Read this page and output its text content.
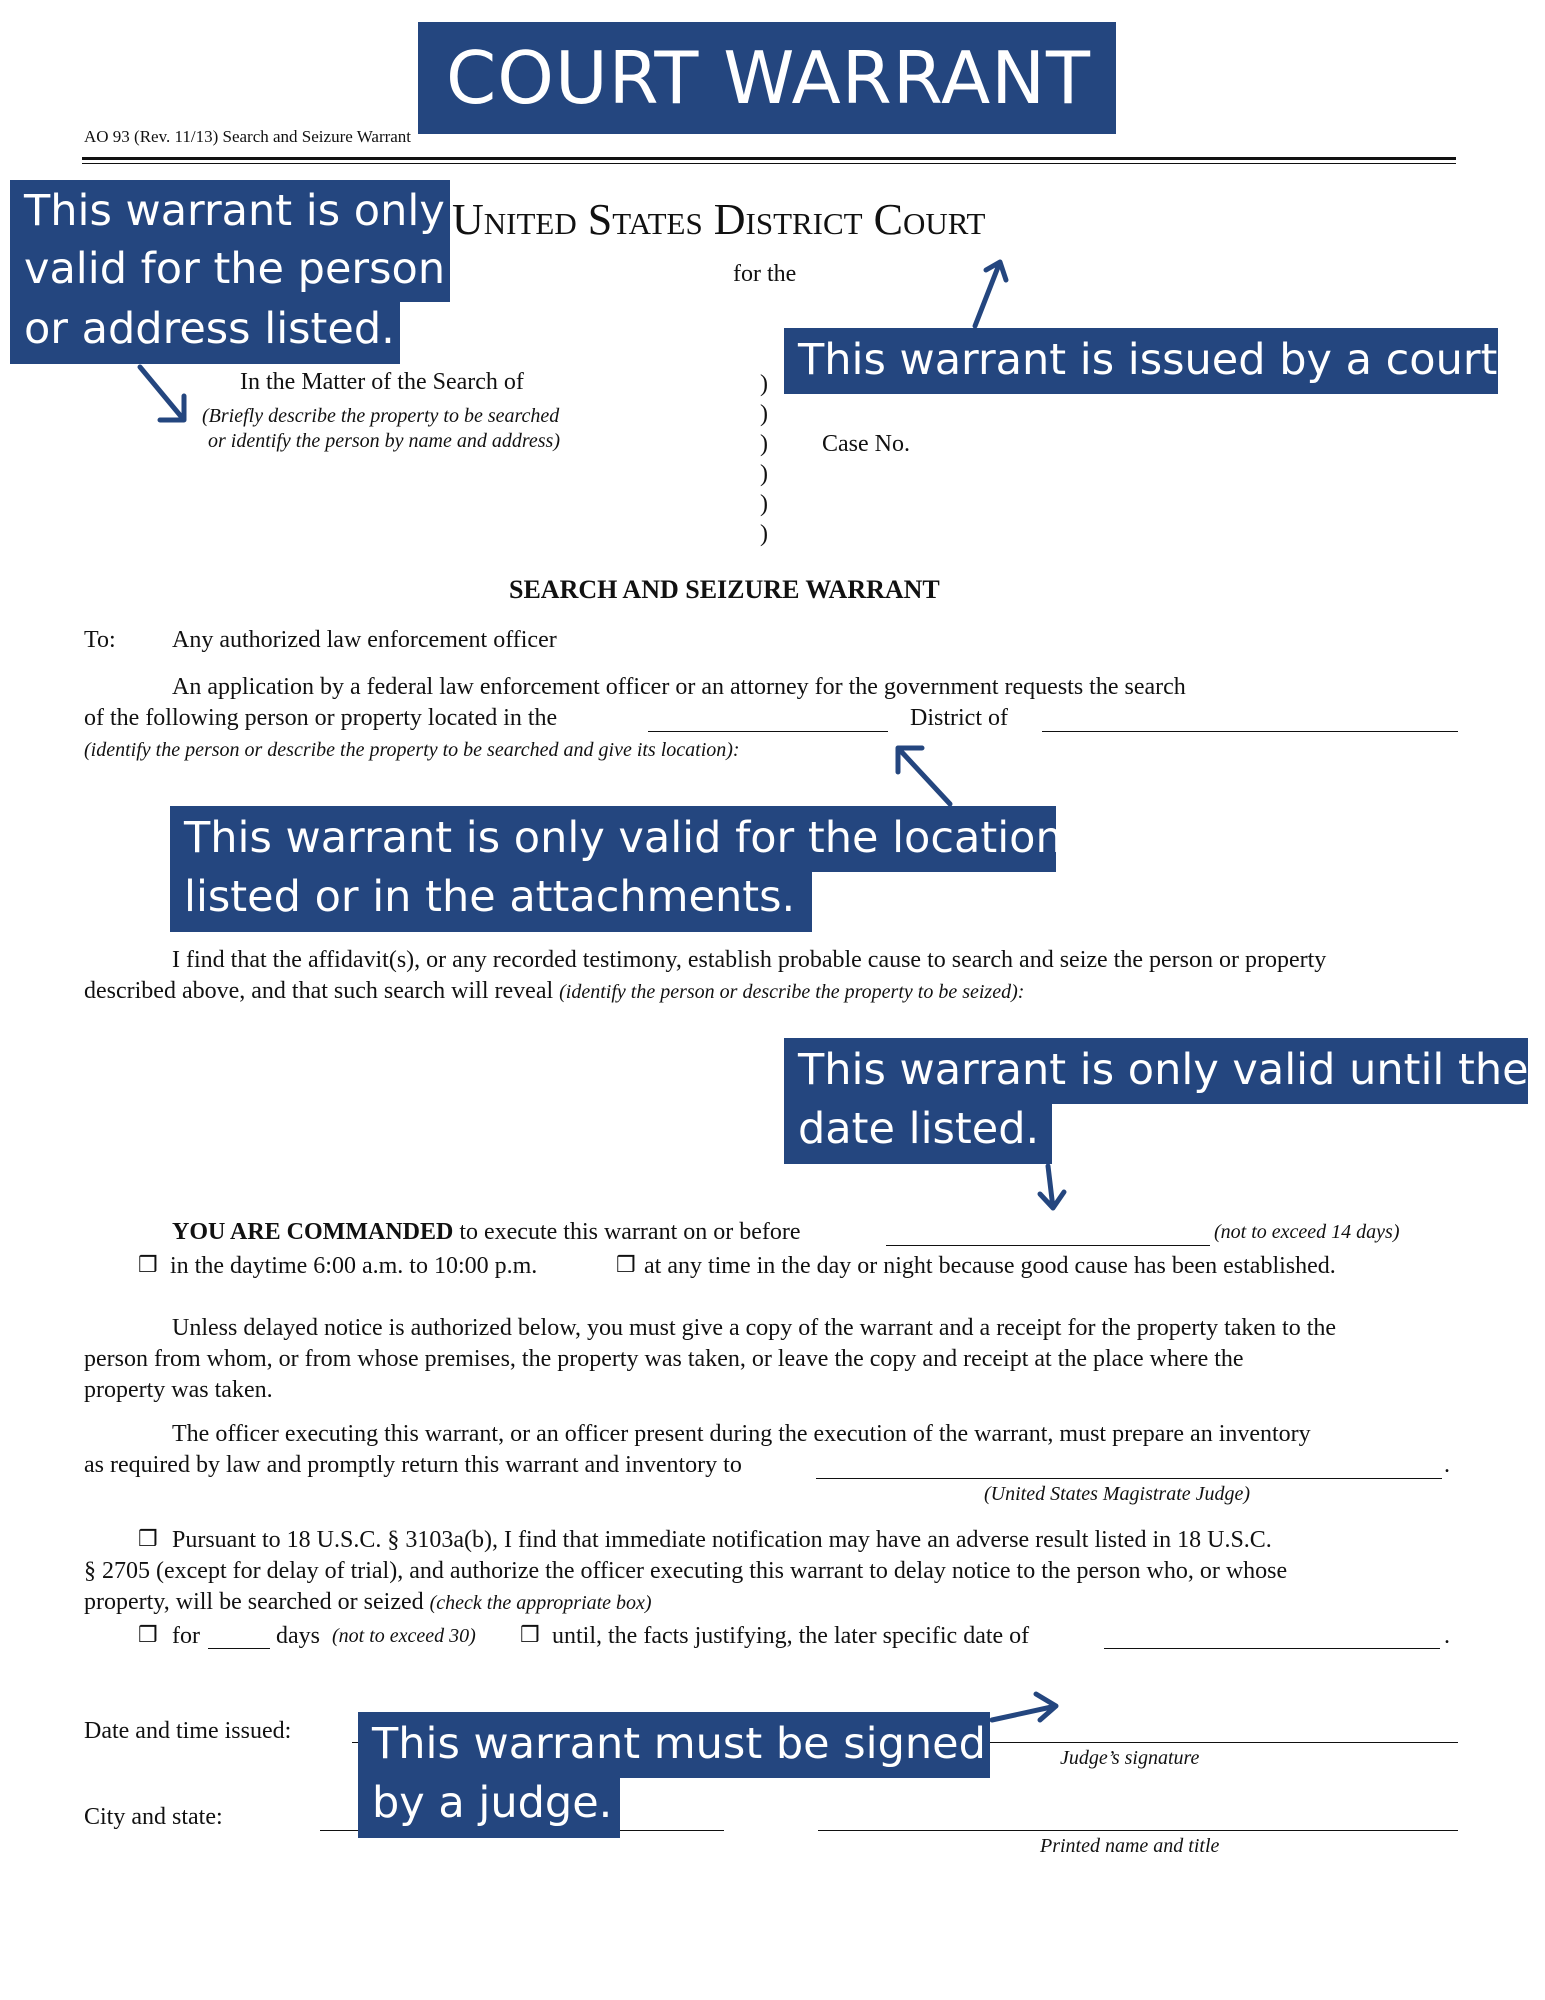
COURT WARRANT
AO 93 (Rev. 11/13) Search and Seizure Warrant
United States District Court
for the
In the Matter of the Search of
(Briefly describe the property to be searched
or identify the person by name and address)
)
)
)
)
)
)
Case No.
SEARCH AND SEIZURE WARRANT
To: Any authorized law enforcement officer
An application by a federal law enforcement officer or an attorney for the government requests the search
of the following person or property located in the	District of
(identify the person or describe the property to be searched and give its location):
I find that the affidavit(s), or any recorded testimony, establish probable cause to search and seize the person or property
described above, and that such search will reveal (identify the person or describe the property to be seized):
YOU ARE COMMANDED to execute this warrant on or before	(not to exceed 14 days)
❒ in the daytime 6:00 a.m. to 10:00 p.m.	❒ at any time in the day or night because good cause has been established.
Unless delayed notice is authorized below, you must give a copy of the warrant and a receipt for the property taken to the
person from whom, or from whose premises, the property was taken, or leave the copy and receipt at the place where the
property was taken.
The officer executing this warrant, or an officer present during the execution of the warrant, must prepare an inventory
as required by law and promptly return this warrant and inventory to	.
(United States Magistrate Judge)
❒ Pursuant to 18 U.S.C. § 3103a(b), I find that immediate notification may have an adverse result listed in 18 U.S.C.
§ 2705 (except for delay of trial), and authorize the officer executing this warrant to delay notice to the person who, or whose
property, will be searched or seized (check the appropriate box)
❒ for	days (not to exceed 30) ❒ until, the facts justifying, the later specific date of	.
Date and time issued:
Judge’s signature
City and state:
Printed name and title
This warrant is only
valid for the person
or address listed.
This warrant is issued by a court.
This warrant is only valid for the location
listed or in the attachments.
This warrant is only valid until the
date listed.
This warrant must be signed
by a judge.
